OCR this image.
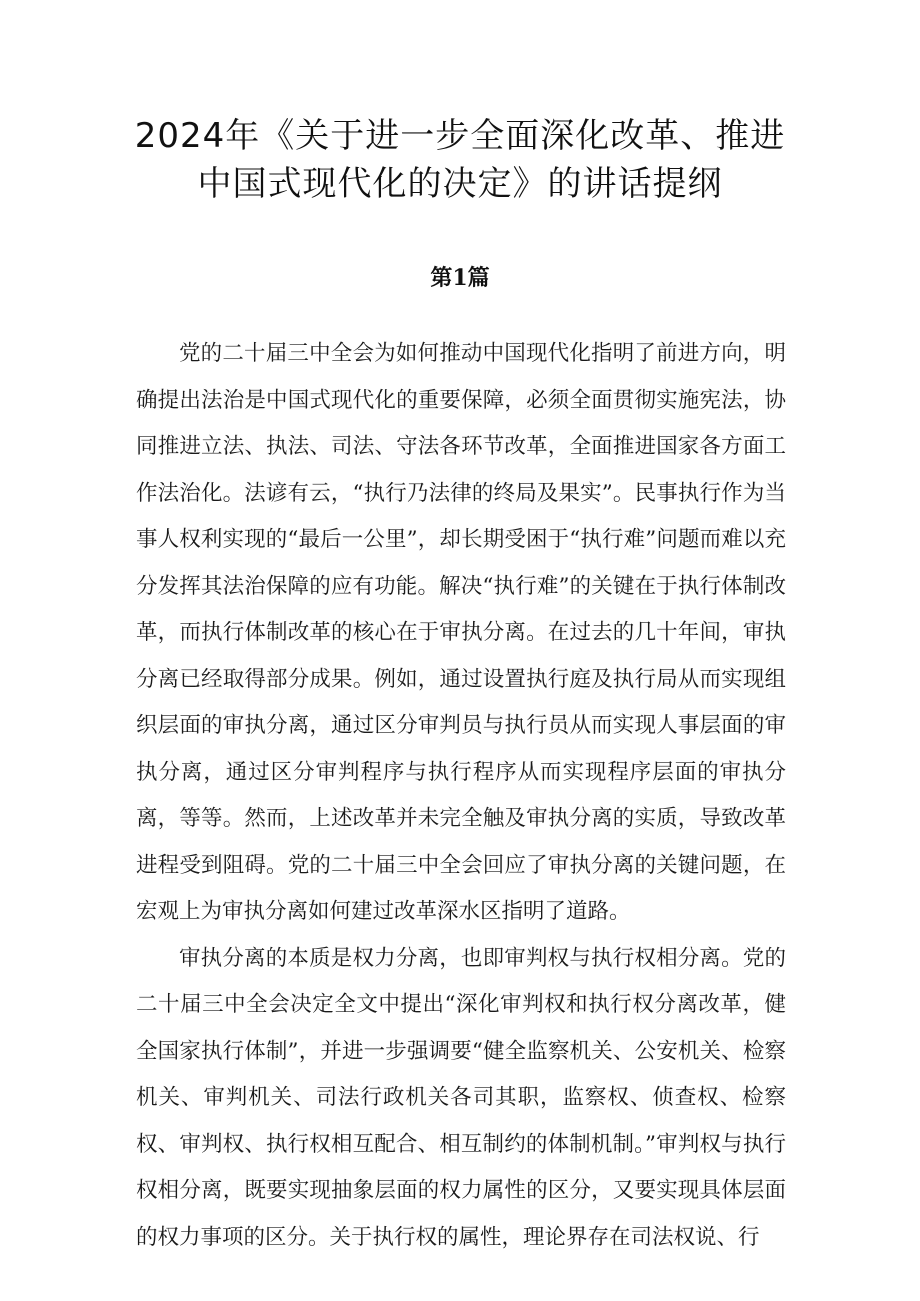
2024年《关于进一步全面深化改革、推进中国式现代化的决定》的讲话提纲
第1篇

党的二十届三中全会为如何推动中国现代化指明了前进方向，明确提出法治是中国式现代化的重要保障，必须全面贯彻实施宪法，协同推进立法、执法、司法、守法各环节改革，全面推进国家各方面工作法治化。法谚有云，“执行乃法律的终局及果实”。民事执行作为当事人权利实现的“最后一公里”，却长期受困于“执行难”问题而难以充分发挥其法治保障的应有功能。解决“执行难”的关键在于执行体制改革，而执行体制改革的核心在于审执分离。在过去的几十年间，审执分离已经取得部分成果。例如，通过设置执行庭及执行局从而实现组织层面的审执分离，通过区分审判员与执行员从而实现人事层面的审执分离，通过区分审判程序与执行程序从而实现程序层面的审执分离，等等。然而，上述改革并未完全触及审执分离的实质，导致改革进程受到阻碍。党的二十届三中全会回应了审执分离的关键问题，在宏观上为审执分离如何建过改革深水区指明了道路。

审执分离的本质是权力分离，也即审判权与执行权相分离。党的二十届三中全会决定全文中提出“深化审判权和执行权分离改革，健全国家执行体制”，并进一步强调要“健全监察机关、公安机关、检察机关、审判机关、司法行政机关各司其职，监察权、侦查权、检察权、审判权、执行权相互配合、相互制约的体制机制。”审判权与执行权相分离，既要实现抽象层面的权力属性的区分，又要实现具体层面的权力事项的区分。关于执行权的属性，理论界存在司法权说、行
